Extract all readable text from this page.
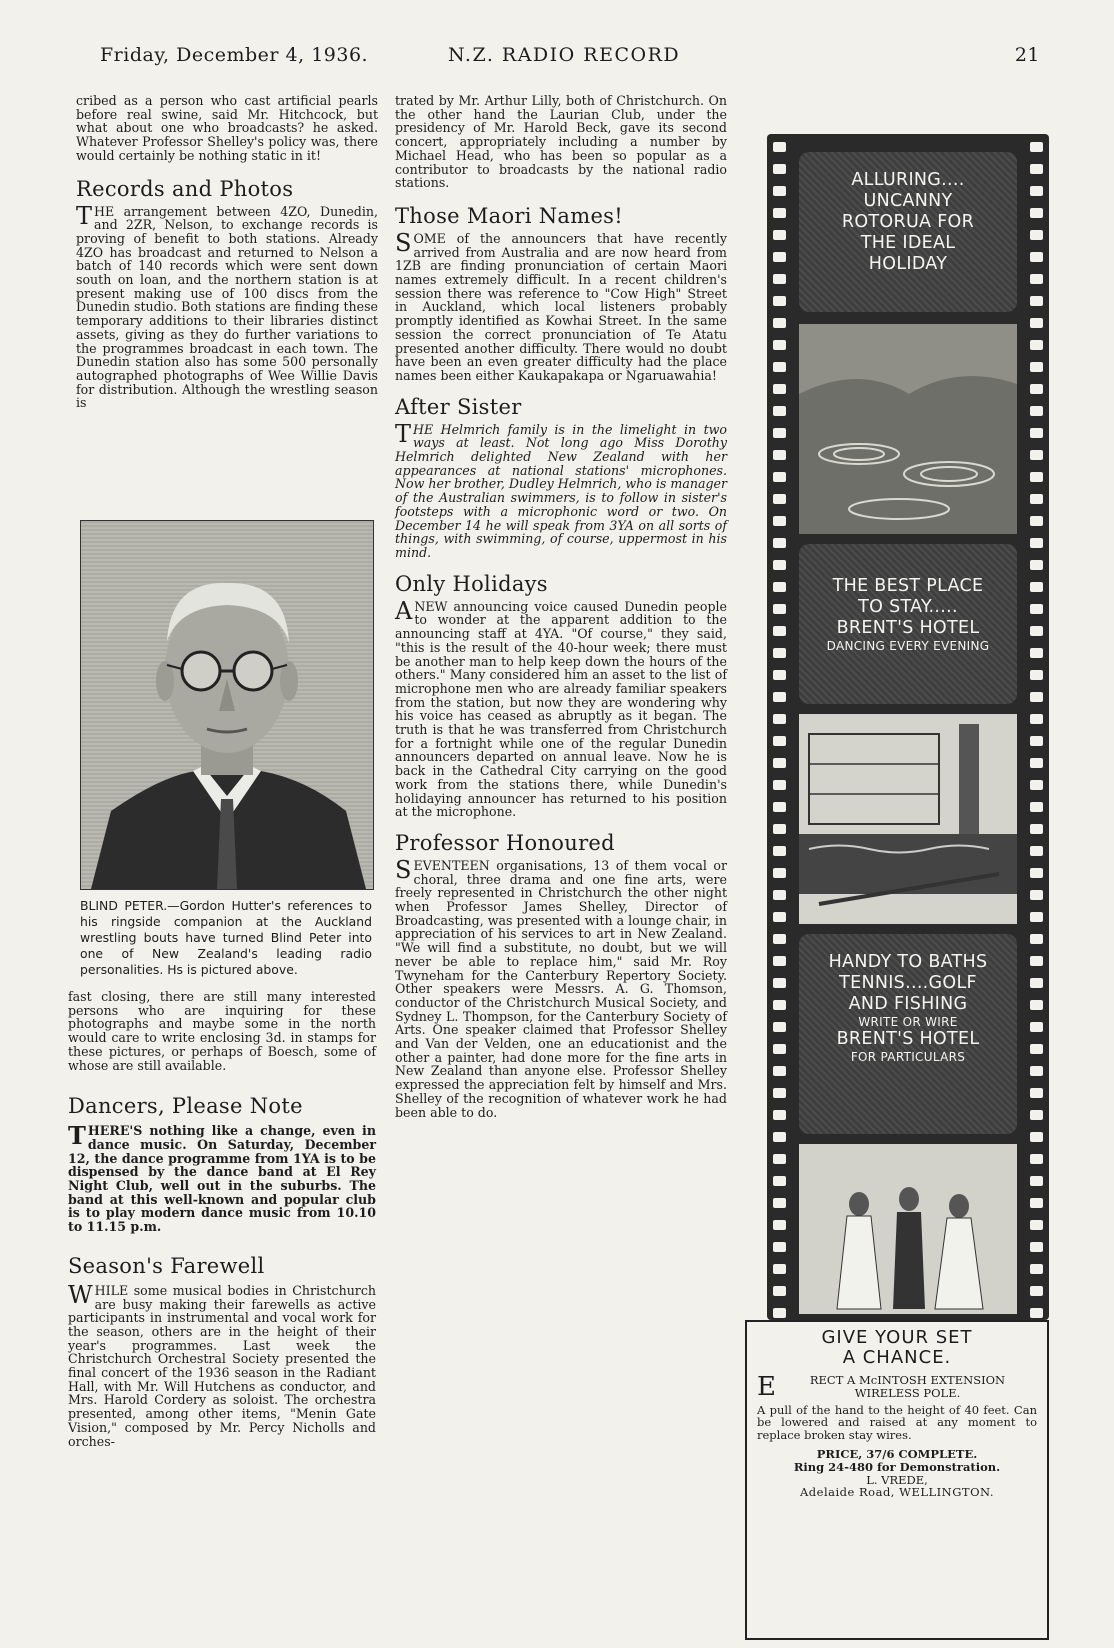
Friday, December 4, 1936.	N.Z. RADIO RECORD	21

cribed as a person who cast artificial pearls before real swine, said Mr. Hitchcock, but what about one who broadcasts? he asked. Whatever Professor Shelley's policy was, there would certainly be nothing static in it!

Records and Photos

THE arrangement between 4ZO, Dunedin, and 2ZR, Nelson, to exchange records is proving of benefit to both stations. Already 4ZO has broadcast and returned to Nelson a batch of 140 records which were sent down south on loan, and the northern station is at present making use of 100 discs from the Dunedin studio. Both stations are finding these temporary additions to their libraries distinct assets, giving as they do further variations to the programmes broadcast in each town. The Dunedin station also has some 500 personally autographed photographs of Wee Willie Davis for distribution. Although the wrestling season is

BLIND PETER.—Gordon Hutter's references to his ringside companion at the Auckland wrestling bouts have turned Blind Peter into one of New Zealand's leading radio personalities. Hs is pictured above.

fast closing, there are still many interested persons who are inquiring for these photographs and maybe some in the north would care to write enclosing 3d. in stamps for these pictures, or perhaps of Boesch, some of whose are still available.

Dancers, Please Note

THERE'S nothing like a change, even in dance music. On Saturday, December 12, the dance programme from 1YA is to be dispensed by the dance band at El Rey Night Club, well out in the suburbs. The band at this well-known and popular club is to play modern dance music from 10.10 to 11.15 p.m.

Season's Farewell

WHILE some musical bodies in Christchurch are busy making their farewells as active participants in instrumental and vocal work for the season, others are in the height of their year's programmes. Last week the Christchurch Orchestral Society presented the final concert of the 1936 season in the Radiant Hall, with Mr. Will Hutchens as conductor, and Mrs. Harold Cordery as soloist. The orchestra presented, among other items, "Menin Gate Vision," composed by Mr. Percy Nicholls and orches-

trated by Mr. Arthur Lilly, both of Christchurch. On the other hand the Laurian Club, under the presidency of Mr. Harold Beck, gave its second concert, appropriately including a number by Michael Head, who has been so popular as a contributor to broadcasts by the national radio stations.

Those Maori Names!

SOME of the announcers that have recently arrived from Australia and are now heard from 1ZB are finding pronunciation of certain Maori names extremely difficult. In a recent children's session there was reference to "Cow High" Street in Auckland, which local listeners probably promptly identified as Kowhai Street. In the same session the correct pronunciation of Te Atatu presented another difficulty. There would no doubt have been an even greater difficulty had the place names been either Kaukapakapa or Ngaruawahia!

After Sister

THE Helmrich family is in the limelight in two ways at least. Not long ago Miss Dorothy Helmrich delighted New Zealand with her appearances at national stations' microphones. Now her brother, Dudley Helmrich, who is manager of the Australian swimmers, is to follow in sister's footsteps with a microphonic word or two. On December 14 he will speak from 3YA on all sorts of things, with swimming, of course, uppermost in his mind.

Only Holidays

ANEW announcing voice caused Dunedin people to wonder at the apparent addition to the announcing staff at 4YA. "Of course," they said, "this is the result of the 40-hour week; there must be another man to help keep down the hours of the others." Many considered him an asset to the list of microphone men who are already familiar speakers from the station, but now they are wondering why his voice has ceased as abruptly as it began. The truth is that he was transferred from Christchurch for a fortnight while one of the regular Dunedin announcers departed on annual leave. Now he is back in the Cathedral City carrying on the good work from the stations there, while Dunedin's holidaying announcer has returned to his position at the microphone.

Professor Honoured

SEVENTEEN organisations, 13 of them vocal or choral, three drama and one fine arts, were freely represented in Christchurch the other night when Professor James Shelley, Director of Broadcasting, was presented with a lounge chair, in appreciation of his services to art in New Zealand. "We will find a substitute, no doubt, but we will never be able to replace him," said Mr. Roy Twyneham for the Canterbury Repertory Society. Other speakers were Messrs. A. G. Thomson, conductor of the Christchurch Musical Society, and Sydney L. Thompson, for the Canterbury Society of Arts. One speaker claimed that Professor Shelley and Van der Velden, one an educationist and the other a painter, had done more for the fine arts in New Zealand than anyone else. Professor Shelley expressed the appreciation felt by himself and Mrs. Shelley of the recognition of whatever work he had been able to do.

ALLURING....
UNCANNY
ROTORUA FOR
THE IDEAL
HOLIDAY
THE BEST PLACE
TO STAY.....
BRENT'S HOTEL
DANCING EVERY EVENING
HANDY TO BATHS
TENNIS....GOLF
AND FISHING
WRITE OR WIRE
BRENT'S HOTEL
FOR PARTICULARS
GIVE YOUR SET
A CHANCE.
E	RECT A McINTOSH EXTENSION
WIRELESS POLE.

A pull of the hand to the height of 40 feet. Can be lowered and raised at any moment to replace broken stay wires.

PRICE, 37/6 COMPLETE.
Ring 24-480 for Demonstration.
L. VREDE,
Adelaide Road, WELLINGTON.
